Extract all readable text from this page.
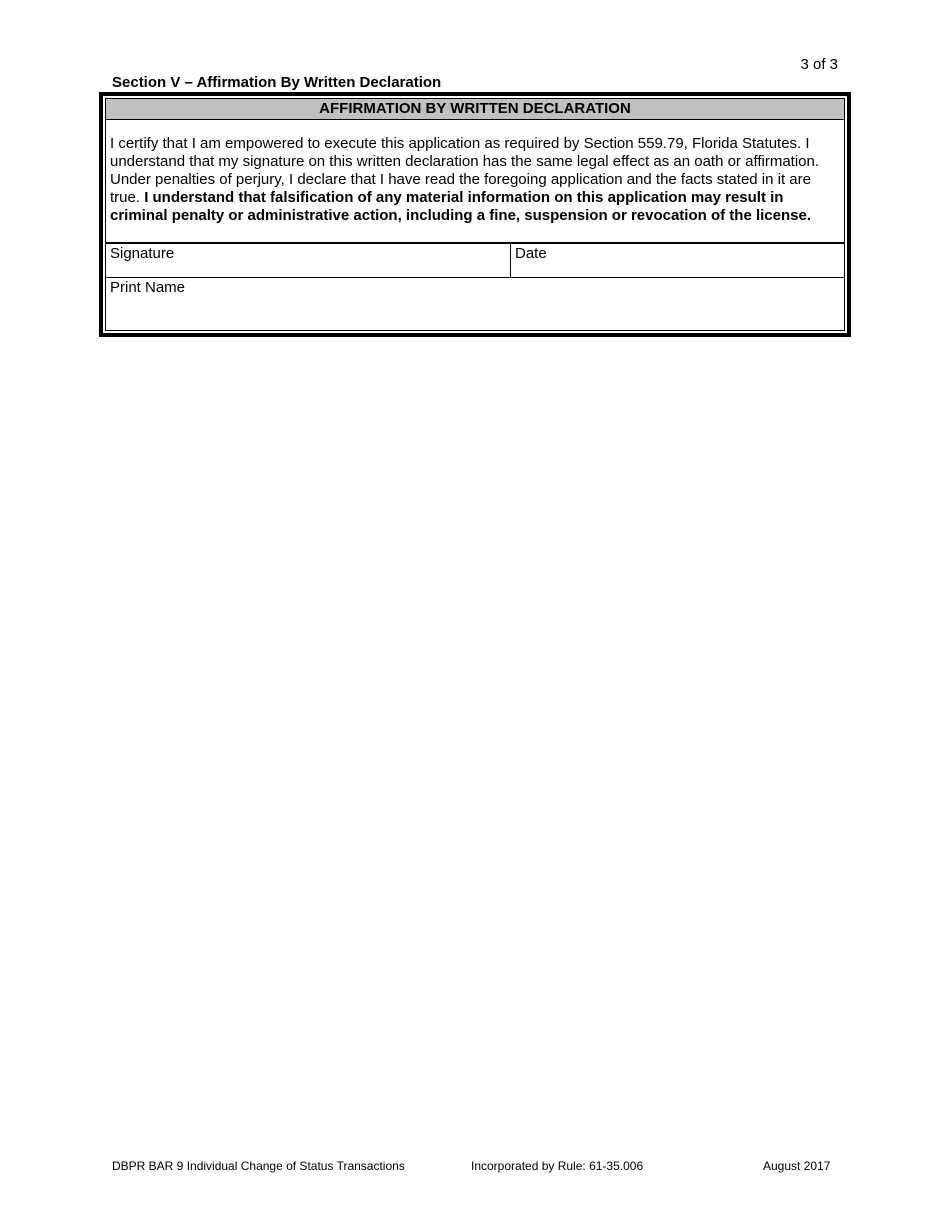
3 of 3
Section V – Affirmation By Written Declaration
AFFIRMATION BY WRITTEN DECLARATION
I certify that I am empowered to execute this application as required by Section 559.79, Florida Statutes. I understand that my signature on this written declaration has the same legal effect as an oath or affirmation. Under penalties of perjury, I declare that I have read the foregoing application and the facts stated in it are true. I understand that falsification of any material information on this application may result in criminal penalty or administrative action, including a fine, suspension or revocation of the license.
Signature	Date
Print Name
DBPR BAR 9 Individual Change of Status Transactions	Incorporated by Rule: 61-35.006	August 2017
